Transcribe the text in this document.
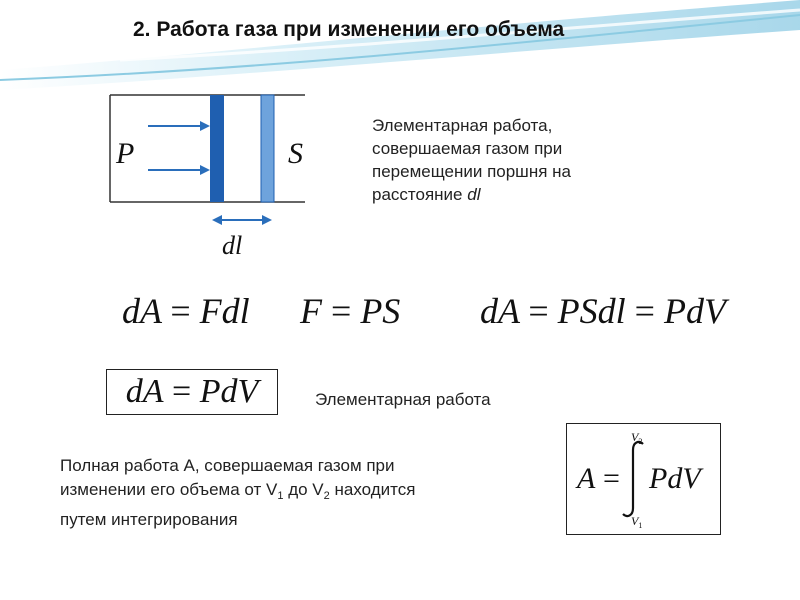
2. Работа газа при изменении его объема
P	S
dl
Элементарная работа,
совершаемая газом при
перемещении поршня на
расстояние dl
dA = Fdl F = PS dA = PSdl = PdV
dA
=
PdV	Элементарная работа
Полная работа A, совершаемая газом при
изменении его объема от $V_1$ до $V_2$ находится
путем интегрирования
A =
$V_2$
$V_1$
PdV
